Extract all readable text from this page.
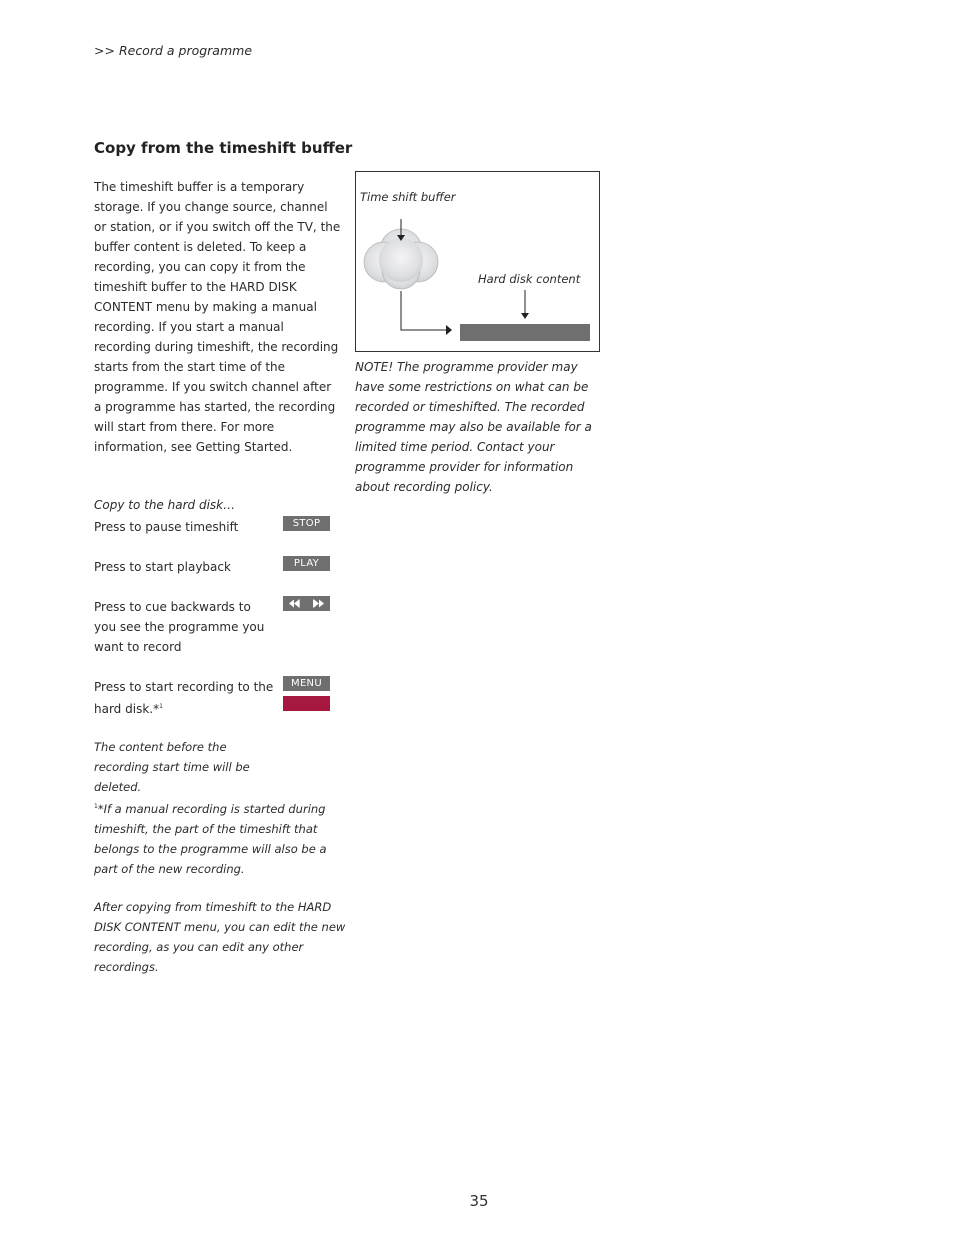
>> Record a programme
Copy from the timeshift buffer
The timeshift buffer is a temporary storage. If you change source, channel or station, or if you switch off the TV, the buffer content is deleted. To keep a recording, you can copy it from the timeshift buffer to the HARD DISK CONTENT menu by making a manual recording. If you start a manual recording during timeshift, the recording starts from the start time of the programme. If you switch channel after a programme has started, the recording will start from there. For more information, see Getting Started.
Time shift buffer
Hard disk content
NOTE! The programme provider may have some restrictions on what can be recorded or timeshifted. The recorded programme may also be available for a limited time period. Contact your programme provider for information about recording policy.
Copy to the hard disk…
Press to pause timeshift	STOP
Press to start playback	PLAY
Press to cue backwards to you see the programme you want to record
Press to start recording to the hard disk.*$^1$
MENU
The content before the recording start time will be deleted.
$^1$*If a manual recording is started during timeshift, the part of the timeshift that belongs to the programme will also be a part of the new recording.
After copying from timeshift to the HARD DISK CONTENT menu, you can edit the new recording, as you can edit any other recordings.
35
